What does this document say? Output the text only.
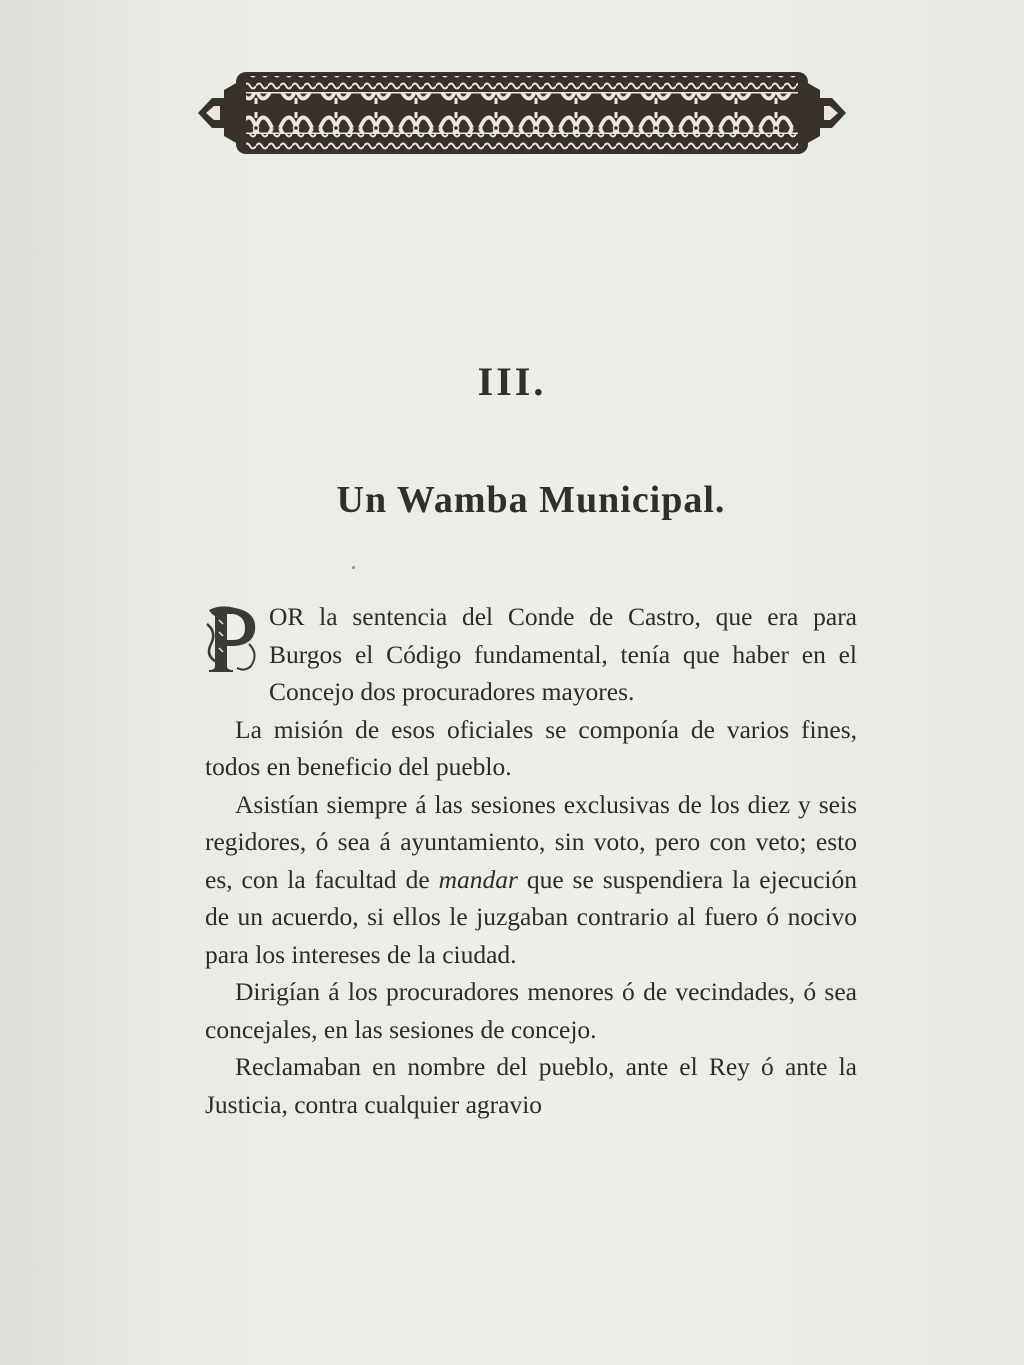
III.
Un Wamba Municipal.

OR la sentencia del Conde de Castro, que era para Burgos el Código fundamental, tenía que haber en el Concejo dos procuradores mayores.

La misión de esos oficiales se componía de varios fines, todos en beneficio del pueblo.

Asistían siempre á las sesiones exclusivas de los diez y seis regidores, ó sea á ayuntamiento, sin voto, pero con veto; esto es, con la facultad de mandar que se suspendiera la ejecución de un acuerdo, si ellos le juzgaban contrario al fuero ó nocivo para los intereses de la ciudad.

Dirigían á los procuradores menores ó de vecindades, ó sea concejales, en las sesiones de concejo.

Reclamaban en nombre del pueblo, ante el Rey ó ante la Justicia, contra cualquier agravio
